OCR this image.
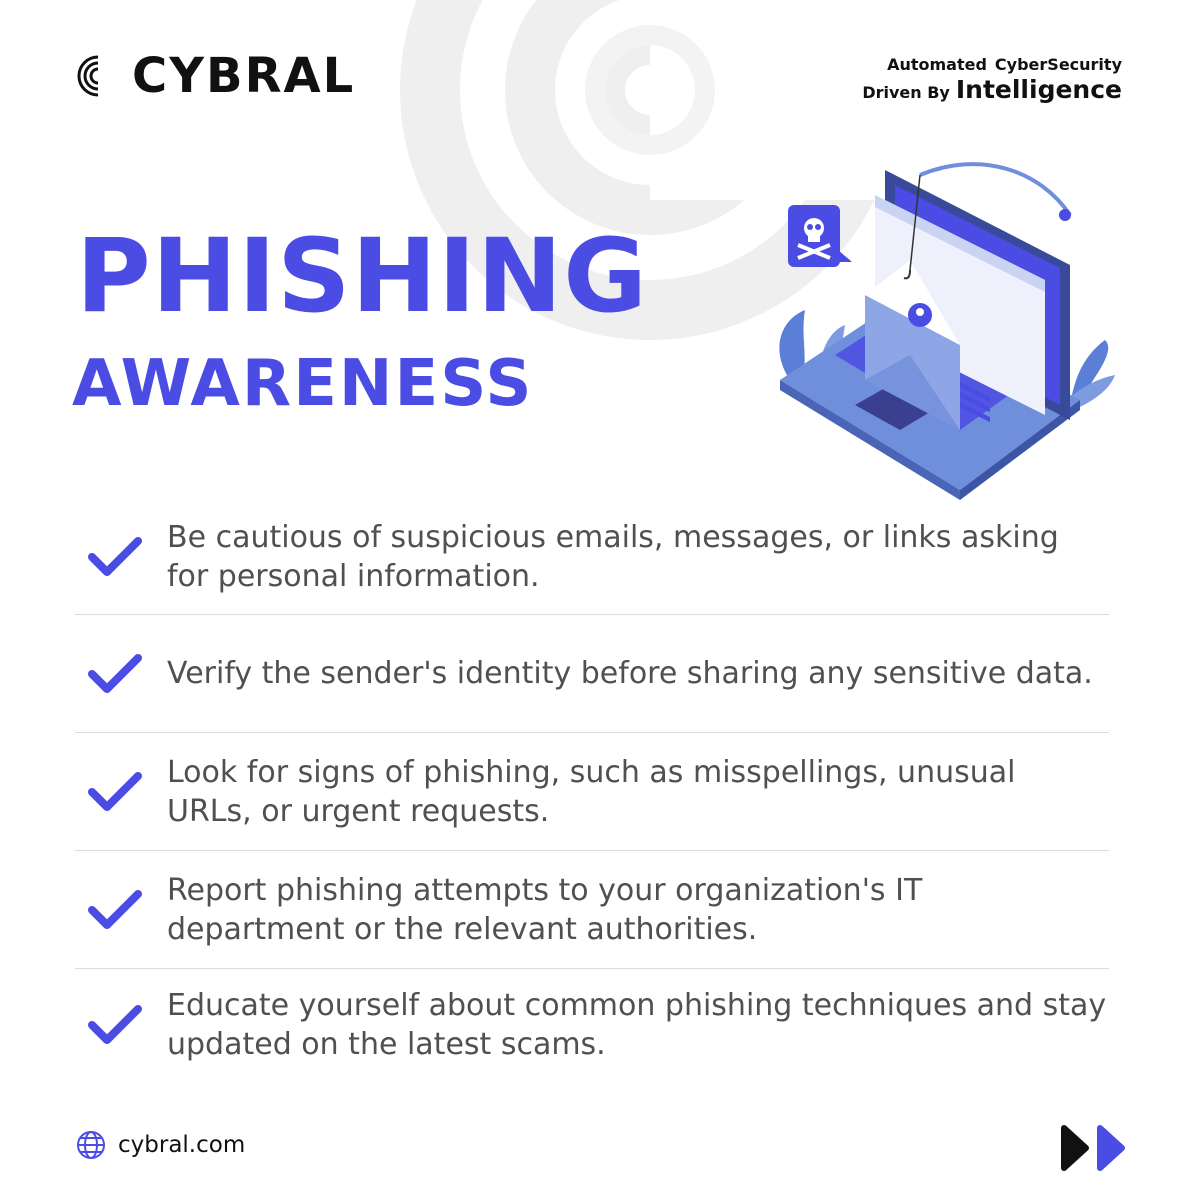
CYBRAL	Automated CyberSecurity
Driven By Intelligence
PHISHING
AWARENESS
Be cautious of suspicious emails, messages, or links asking for personal information.
Verify the sender's identity before sharing any sensitive data.
Look for signs of phishing, such as misspellings, unusual URLs, or urgent requests.
Report phishing attempts to your organization's IT department or the relevant authorities.
Educate yourself about common phishing techniques and stay updated on the latest scams.
cybral.com
